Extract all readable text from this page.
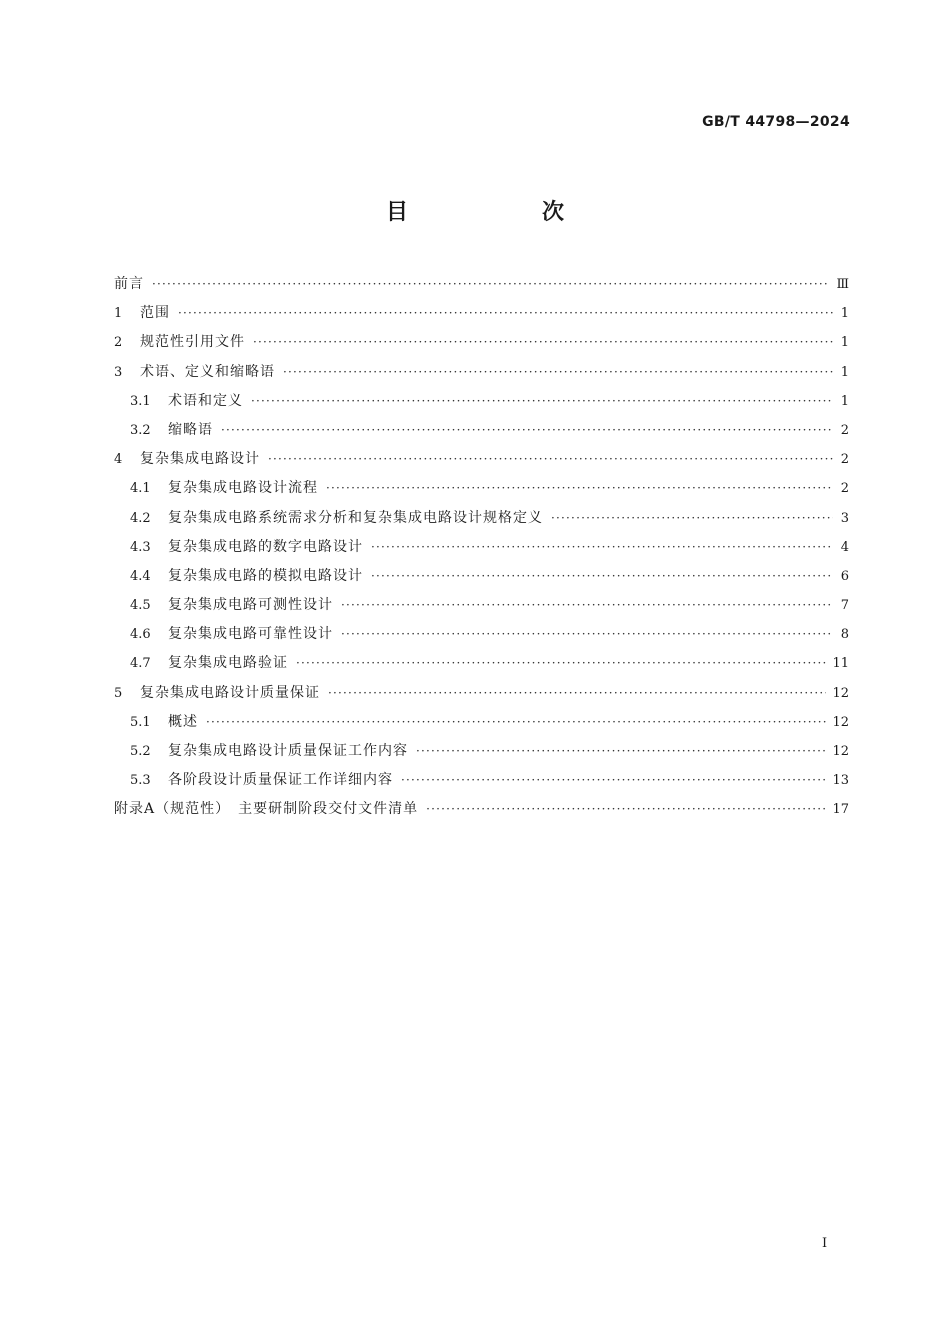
GB/T 44798—2024
目　次
前言 ·····	Ⅲ
1	范围 ·····	1
2	规范性引用文件 ·····	1
3	术语、定义和缩略语 ·····	1
3.1	术语和定义 ·····	1
3.2	缩略语 ·····	2
4	复杂集成电路设计 ·····	2
4.1	复杂集成电路设计流程 ·····	2
4.2	复杂集成电路系统需求分析和复杂集成电路设计规格定义 ·····	3
4.3	复杂集成电路的数字电路设计 ·····	4
4.4	复杂集成电路的模拟电路设计 ·····	6
4.5	复杂集成电路可测性设计 ·····	7
4.6	复杂集成电路可靠性设计 ·····	8
4.7	复杂集成电路验证 ·····	11
5	复杂集成电路设计质量保证 ·····	12
5.1	概述 ·····	12
5.2	复杂集成电路设计质量保证工作内容 ·····	12
5.3	各阶段设计质量保证工作详细内容 ·····	13
附录A（规范性）　主要研制阶段交付文件清单 ·····	17
Ⅰ
